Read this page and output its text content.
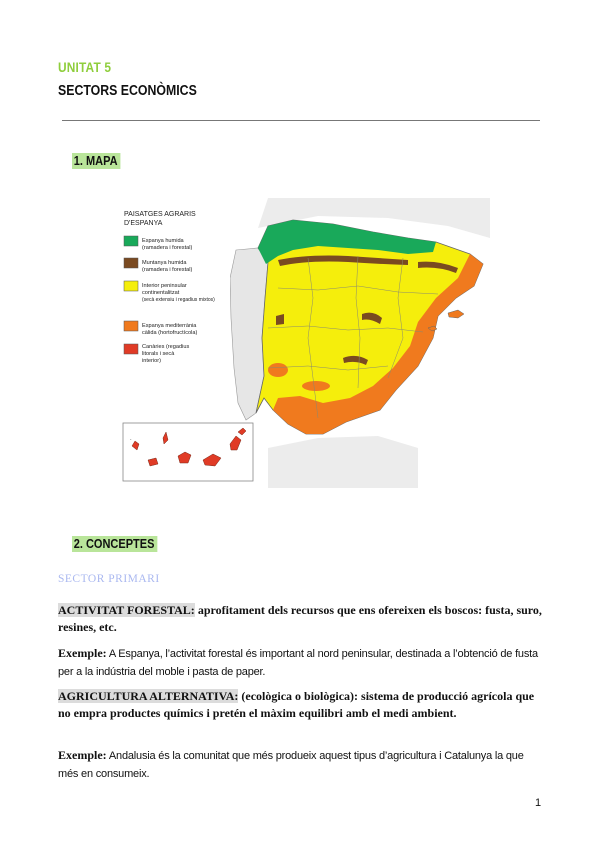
UNITAT 5
SECTORS ECONÒMICS
1. MAPA
.
PAISATGES AGRARIS
D'ESPANYA
Espanya humida
(ramadera i forestal)
Muntanya humida
(ramadera i forestal)
Interior peninsular
continentalitzat
(secà extensiu i regadius mixtos)
Espanya mediterrània
càlida (hortofructícola)
Canàries (regadius
litorals i secà
interior)
2. CONCEPTES
SECTOR PRIMARI
ACTIVITAT FORESTAL: aprofitament dels recursos que ens ofereixen els boscos: fusta, suro, resines, etc.
Exemple: A Espanya, l’activitat forestal és important al nord peninsular, destinada a l’obtenció de fusta per a la indústria del moble i pasta de paper.
AGRICULTURA ALTERNATIVA: (ecològica o biològica): sistema de producció agrícola que no empra productes químics i pretén el màxim equilibri amb el medi ambient.
Exemple: Andalusia és la comunitat que més produeix aquest tipus d’agricultura i Catalunya la que més en consumeix.
1
